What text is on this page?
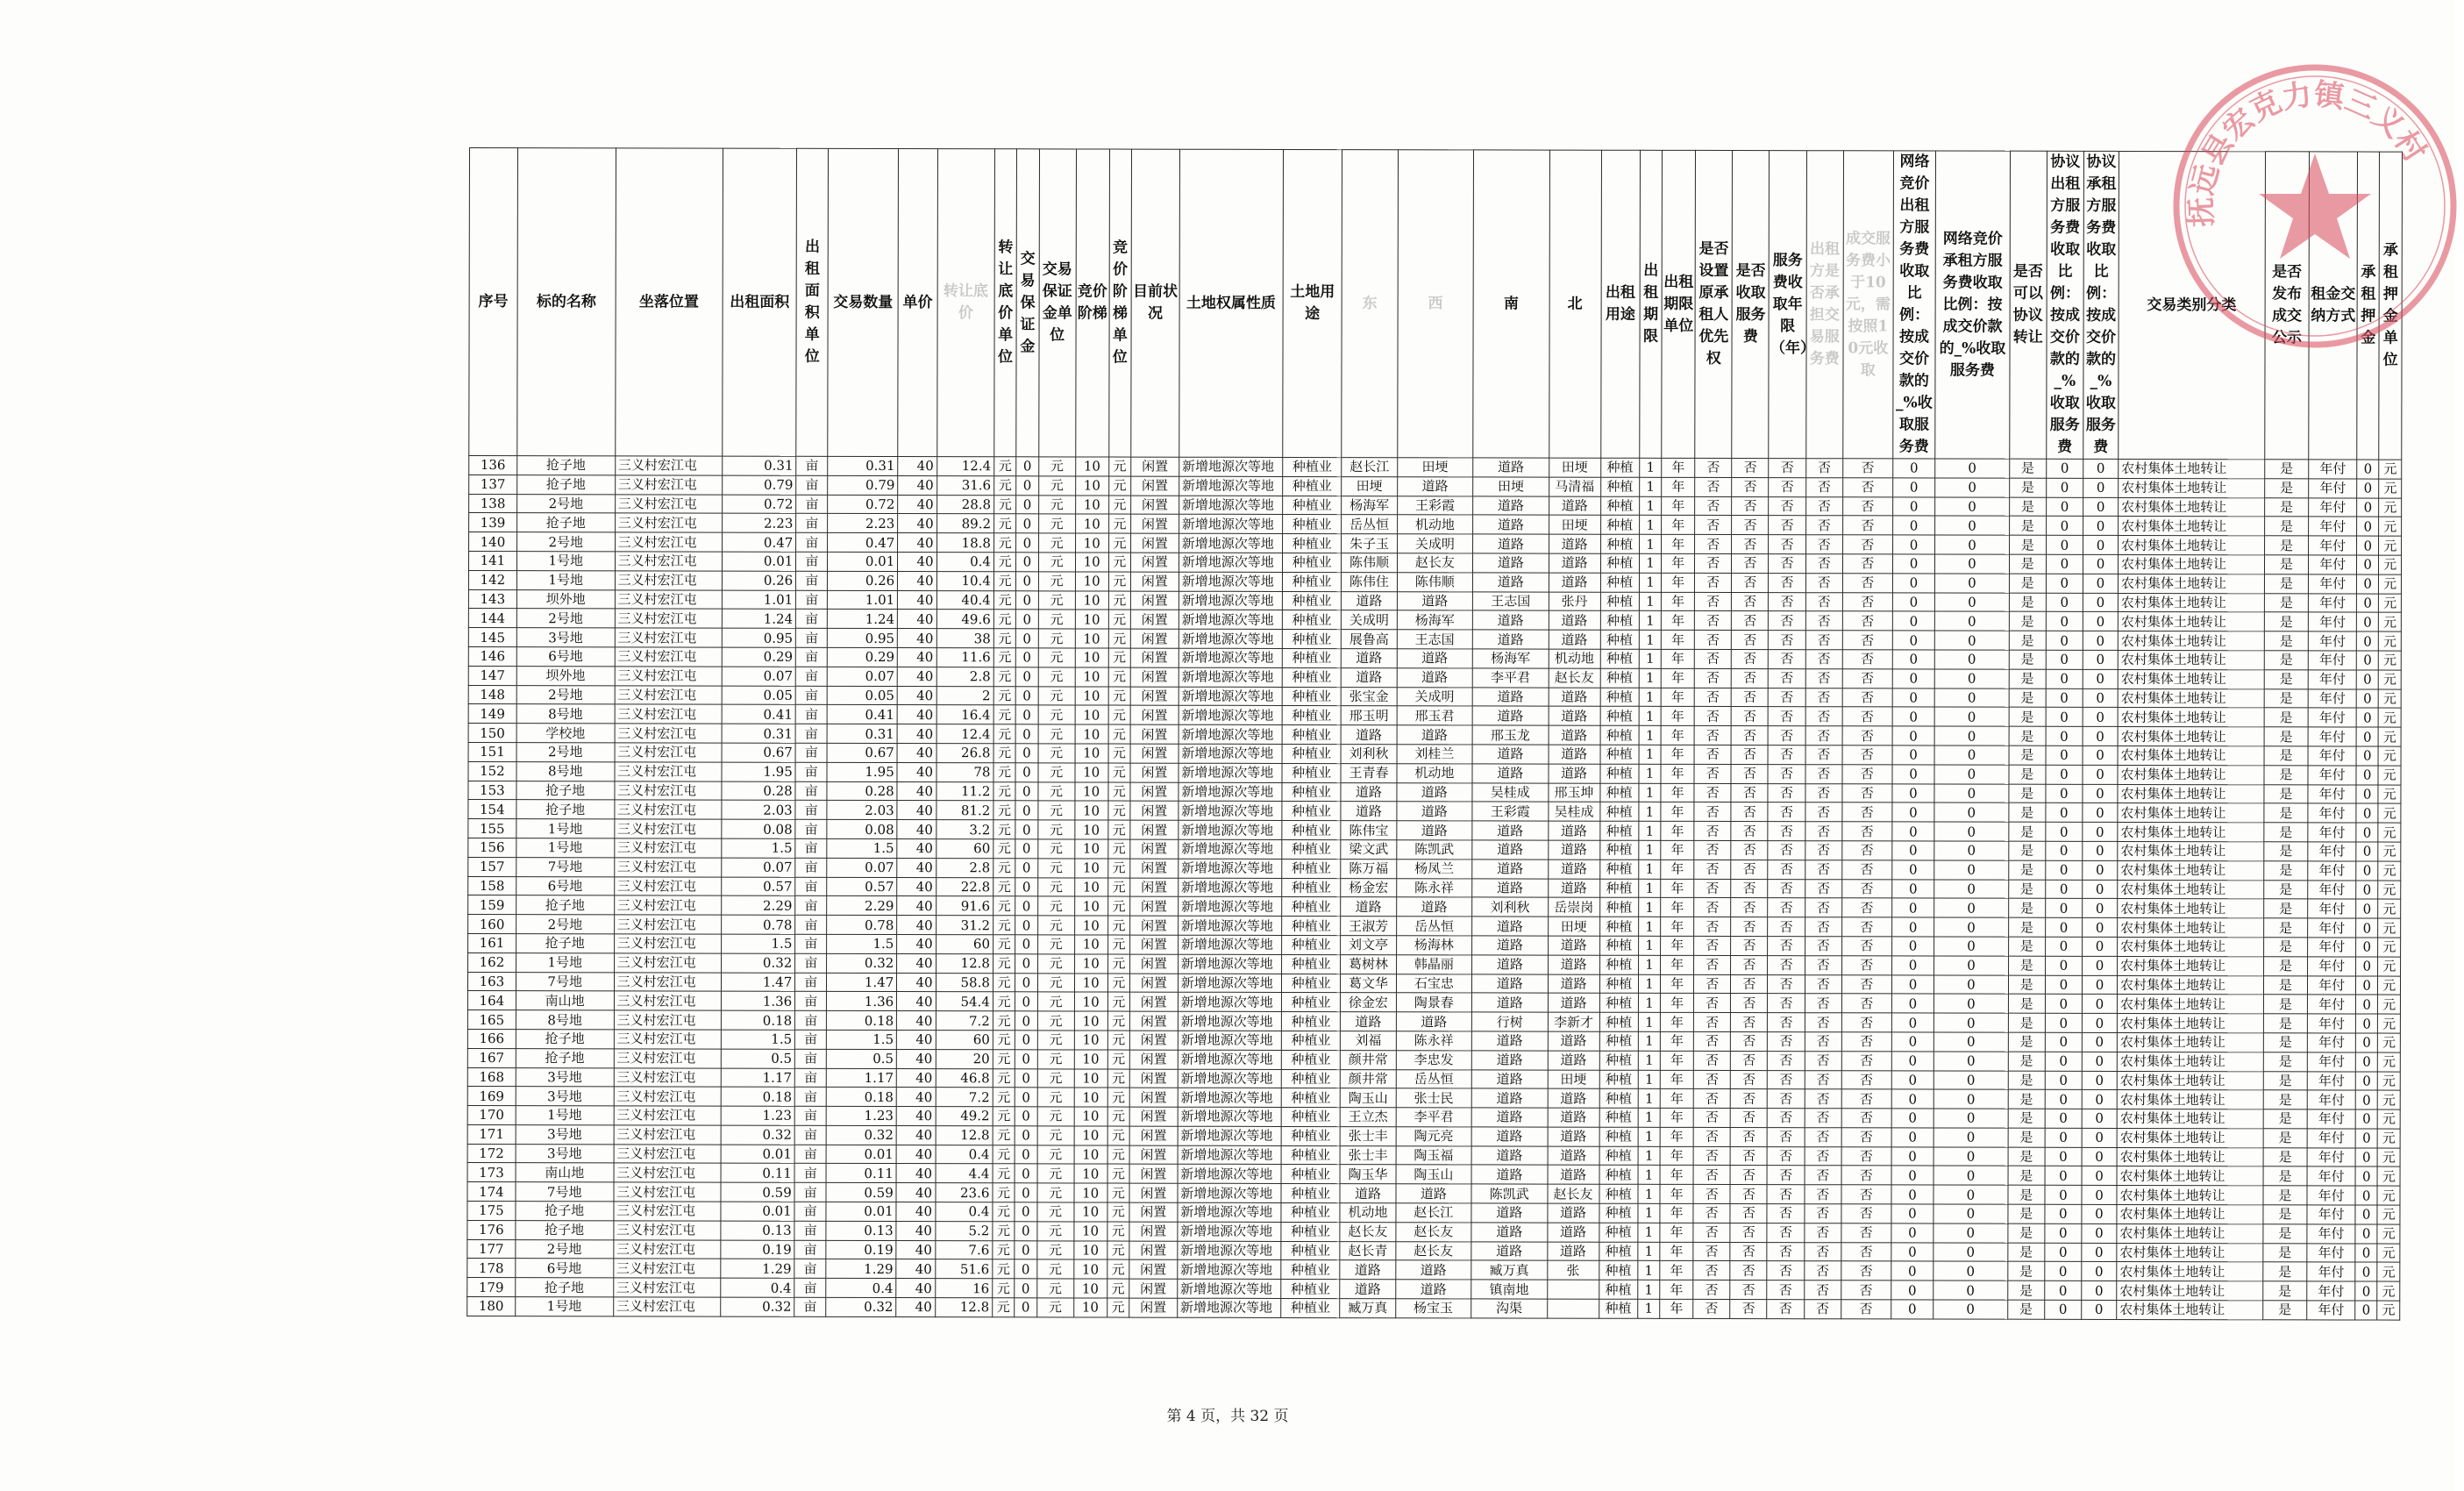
序号	标的名称	坐落位置	出租面积	出租面积单位	交易数量	单价	转让底价	转让底价单位	交易保证金	交易保证金单位	竞价阶梯	竞价阶梯单位	目前状况	土地权属性质	土地用途	东	西	南	北	出租用途	出租期限	出租期限单位	是否设置原承租人优先权	是否收取服务费	服务费收取年限（年）	出租方是否承担交易服务费	成交服务费小于10元，需按照10元收取	网络竞价出租方服务费收取比例：按成交价款的_%收取服务费	网络竞价承租方服务费收取比例：按成交价款的_%收取服务费	是否可以协议转让	协议出租方服务费收取比例：按成交价款的_%收取服务费	协议承租方服务费收取比例：按成交价款的_%收取服务费	交易类别分类	是否发布成交公示	租金交纳方式	承租押金	承租押金单位
136	抢子地	三义村宏江屯	0.31	亩	0.31	40	12.4	元	0	元	10	元	闲置	新增地源次等地	种植业	赵长江	田埂	道路	田埂	种植	1	年	否	否	否	否	否	0	0	是	0	0	农村集体土地转让	是	年付	0	元
137	抢子地	三义村宏江屯	0.79	亩	0.79	40	31.6	元	0	元	10	元	闲置	新增地源次等地	种植业	田埂	道路	田埂	马清福	种植	1	年	否	否	否	否	否	0	0	是	0	0	农村集体土地转让	是	年付	0	元
138	2号地	三义村宏江屯	0.72	亩	0.72	40	28.8	元	0	元	10	元	闲置	新增地源次等地	种植业	杨海军	王彩霞	道路	道路	种植	1	年	否	否	否	否	否	0	0	是	0	0	农村集体土地转让	是	年付	0	元
139	抢子地	三义村宏江屯	2.23	亩	2.23	40	89.2	元	0	元	10	元	闲置	新增地源次等地	种植业	岳丛恒	机动地	道路	田埂	种植	1	年	否	否	否	否	否	0	0	是	0	0	农村集体土地转让	是	年付	0	元
140	2号地	三义村宏江屯	0.47	亩	0.47	40	18.8	元	0	元	10	元	闲置	新增地源次等地	种植业	朱子玉	关成明	道路	道路	种植	1	年	否	否	否	否	否	0	0	是	0	0	农村集体土地转让	是	年付	0	元
141	1号地	三义村宏江屯	0.01	亩	0.01	40	0.4	元	0	元	10	元	闲置	新增地源次等地	种植业	陈伟顺	赵长友	道路	道路	种植	1	年	否	否	否	否	否	0	0	是	0	0	农村集体土地转让	是	年付	0	元
142	1号地	三义村宏江屯	0.26	亩	0.26	40	10.4	元	0	元	10	元	闲置	新增地源次等地	种植业	陈伟住	陈伟顺	道路	道路	种植	1	年	否	否	否	否	否	0	0	是	0	0	农村集体土地转让	是	年付	0	元
143	坝外地	三义村宏江屯	1.01	亩	1.01	40	40.4	元	0	元	10	元	闲置	新增地源次等地	种植业	道路	道路	王志国	张丹	种植	1	年	否	否	否	否	否	0	0	是	0	0	农村集体土地转让	是	年付	0	元
144	2号地	三义村宏江屯	1.24	亩	1.24	40	49.6	元	0	元	10	元	闲置	新增地源次等地	种植业	关成明	杨海军	道路	道路	种植	1	年	否	否	否	否	否	0	0	是	0	0	农村集体土地转让	是	年付	0	元
145	3号地	三义村宏江屯	0.95	亩	0.95	40	38	元	0	元	10	元	闲置	新增地源次等地	种植业	展鲁高	王志国	道路	道路	种植	1	年	否	否	否	否	否	0	0	是	0	0	农村集体土地转让	是	年付	0	元
146	6号地	三义村宏江屯	0.29	亩	0.29	40	11.6	元	0	元	10	元	闲置	新增地源次等地	种植业	道路	道路	杨海军	机动地	种植	1	年	否	否	否	否	否	0	0	是	0	0	农村集体土地转让	是	年付	0	元
147	坝外地	三义村宏江屯	0.07	亩	0.07	40	2.8	元	0	元	10	元	闲置	新增地源次等地	种植业	道路	道路	李平君	赵长友	种植	1	年	否	否	否	否	否	0	0	是	0	0	农村集体土地转让	是	年付	0	元
148	2号地	三义村宏江屯	0.05	亩	0.05	40	2	元	0	元	10	元	闲置	新增地源次等地	种植业	张宝金	关成明	道路	道路	种植	1	年	否	否	否	否	否	0	0	是	0	0	农村集体土地转让	是	年付	0	元
149	8号地	三义村宏江屯	0.41	亩	0.41	40	16.4	元	0	元	10	元	闲置	新增地源次等地	种植业	邢玉明	邢玉君	道路	道路	种植	1	年	否	否	否	否	否	0	0	是	0	0	农村集体土地转让	是	年付	0	元
150	学校地	三义村宏江屯	0.31	亩	0.31	40	12.4	元	0	元	10	元	闲置	新增地源次等地	种植业	道路	道路	邢玉龙	道路	种植	1	年	否	否	否	否	否	0	0	是	0	0	农村集体土地转让	是	年付	0	元
151	2号地	三义村宏江屯	0.67	亩	0.67	40	26.8	元	0	元	10	元	闲置	新增地源次等地	种植业	刘利秋	刘桂兰	道路	道路	种植	1	年	否	否	否	否	否	0	0	是	0	0	农村集体土地转让	是	年付	0	元
152	8号地	三义村宏江屯	1.95	亩	1.95	40	78	元	0	元	10	元	闲置	新增地源次等地	种植业	王青春	机动地	道路	道路	种植	1	年	否	否	否	否	否	0	0	是	0	0	农村集体土地转让	是	年付	0	元
153	抢子地	三义村宏江屯	0.28	亩	0.28	40	11.2	元	0	元	10	元	闲置	新增地源次等地	种植业	道路	道路	吴桂成	邢玉坤	种植	1	年	否	否	否	否	否	0	0	是	0	0	农村集体土地转让	是	年付	0	元
154	抢子地	三义村宏江屯	2.03	亩	2.03	40	81.2	元	0	元	10	元	闲置	新增地源次等地	种植业	道路	道路	王彩霞	吴桂成	种植	1	年	否	否	否	否	否	0	0	是	0	0	农村集体土地转让	是	年付	0	元
155	1号地	三义村宏江屯	0.08	亩	0.08	40	3.2	元	0	元	10	元	闲置	新增地源次等地	种植业	陈伟宝	道路	道路	道路	种植	1	年	否	否	否	否	否	0	0	是	0	0	农村集体土地转让	是	年付	0	元
156	1号地	三义村宏江屯	1.5	亩	1.5	40	60	元	0	元	10	元	闲置	新增地源次等地	种植业	梁文武	陈凯武	道路	道路	种植	1	年	否	否	否	否	否	0	0	是	0	0	农村集体土地转让	是	年付	0	元
157	7号地	三义村宏江屯	0.07	亩	0.07	40	2.8	元	0	元	10	元	闲置	新增地源次等地	种植业	陈万福	杨凤兰	道路	道路	种植	1	年	否	否	否	否	否	0	0	是	0	0	农村集体土地转让	是	年付	0	元
158	6号地	三义村宏江屯	0.57	亩	0.57	40	22.8	元	0	元	10	元	闲置	新增地源次等地	种植业	杨金宏	陈永祥	道路	道路	种植	1	年	否	否	否	否	否	0	0	是	0	0	农村集体土地转让	是	年付	0	元
159	抢子地	三义村宏江屯	2.29	亩	2.29	40	91.6	元	0	元	10	元	闲置	新增地源次等地	种植业	道路	道路	刘利秋	岳崇岗	种植	1	年	否	否	否	否	否	0	0	是	0	0	农村集体土地转让	是	年付	0	元
160	2号地	三义村宏江屯	0.78	亩	0.78	40	31.2	元	0	元	10	元	闲置	新增地源次等地	种植业	王淑芳	岳丛恒	道路	田埂	种植	1	年	否	否	否	否	否	0	0	是	0	0	农村集体土地转让	是	年付	0	元
161	抢子地	三义村宏江屯	1.5	亩	1.5	40	60	元	0	元	10	元	闲置	新增地源次等地	种植业	刘文亭	杨海林	道路	道路	种植	1	年	否	否	否	否	否	0	0	是	0	0	农村集体土地转让	是	年付	0	元
162	1号地	三义村宏江屯	0.32	亩	0.32	40	12.8	元	0	元	10	元	闲置	新增地源次等地	种植业	葛树林	韩晶丽	道路	道路	种植	1	年	否	否	否	否	否	0	0	是	0	0	农村集体土地转让	是	年付	0	元
163	7号地	三义村宏江屯	1.47	亩	1.47	40	58.8	元	0	元	10	元	闲置	新增地源次等地	种植业	葛文华	石宝忠	道路	道路	种植	1	年	否	否	否	否	否	0	0	是	0	0	农村集体土地转让	是	年付	0	元
164	南山地	三义村宏江屯	1.36	亩	1.36	40	54.4	元	0	元	10	元	闲置	新增地源次等地	种植业	徐金宏	陶景春	道路	道路	种植	1	年	否	否	否	否	否	0	0	是	0	0	农村集体土地转让	是	年付	0	元
165	8号地	三义村宏江屯	0.18	亩	0.18	40	7.2	元	0	元	10	元	闲置	新增地源次等地	种植业	道路	道路	行树	李新才	种植	1	年	否	否	否	否	否	0	0	是	0	0	农村集体土地转让	是	年付	0	元
166	抢子地	三义村宏江屯	1.5	亩	1.5	40	60	元	0	元	10	元	闲置	新增地源次等地	种植业	刘福	陈永祥	道路	道路	种植	1	年	否	否	否	否	否	0	0	是	0	0	农村集体土地转让	是	年付	0	元
167	抢子地	三义村宏江屯	0.5	亩	0.5	40	20	元	0	元	10	元	闲置	新增地源次等地	种植业	颜井常	李忠发	道路	道路	种植	1	年	否	否	否	否	否	0	0	是	0	0	农村集体土地转让	是	年付	0	元
168	3号地	三义村宏江屯	1.17	亩	1.17	40	46.8	元	0	元	10	元	闲置	新增地源次等地	种植业	颜井常	岳丛恒	道路	田埂	种植	1	年	否	否	否	否	否	0	0	是	0	0	农村集体土地转让	是	年付	0	元
169	3号地	三义村宏江屯	0.18	亩	0.18	40	7.2	元	0	元	10	元	闲置	新增地源次等地	种植业	陶玉山	张士民	道路	道路	种植	1	年	否	否	否	否	否	0	0	是	0	0	农村集体土地转让	是	年付	0	元
170	1号地	三义村宏江屯	1.23	亩	1.23	40	49.2	元	0	元	10	元	闲置	新增地源次等地	种植业	王立杰	李平君	道路	道路	种植	1	年	否	否	否	否	否	0	0	是	0	0	农村集体土地转让	是	年付	0	元
171	3号地	三义村宏江屯	0.32	亩	0.32	40	12.8	元	0	元	10	元	闲置	新增地源次等地	种植业	张士丰	陶元亮	道路	道路	种植	1	年	否	否	否	否	否	0	0	是	0	0	农村集体土地转让	是	年付	0	元
172	3号地	三义村宏江屯	0.01	亩	0.01	40	0.4	元	0	元	10	元	闲置	新增地源次等地	种植业	张士丰	陶玉福	道路	道路	种植	1	年	否	否	否	否	否	0	0	是	0	0	农村集体土地转让	是	年付	0	元
173	南山地	三义村宏江屯	0.11	亩	0.11	40	4.4	元	0	元	10	元	闲置	新增地源次等地	种植业	陶玉华	陶玉山	道路	道路	种植	1	年	否	否	否	否	否	0	0	是	0	0	农村集体土地转让	是	年付	0	元
174	7号地	三义村宏江屯	0.59	亩	0.59	40	23.6	元	0	元	10	元	闲置	新增地源次等地	种植业	道路	道路	陈凯武	赵长友	种植	1	年	否	否	否	否	否	0	0	是	0	0	农村集体土地转让	是	年付	0	元
175	抢子地	三义村宏江屯	0.01	亩	0.01	40	0.4	元	0	元	10	元	闲置	新增地源次等地	种植业	机动地	赵长江	道路	道路	种植	1	年	否	否	否	否	否	0	0	是	0	0	农村集体土地转让	是	年付	0	元
176	抢子地	三义村宏江屯	0.13	亩	0.13	40	5.2	元	0	元	10	元	闲置	新增地源次等地	种植业	赵长友	赵长友	道路	道路	种植	1	年	否	否	否	否	否	0	0	是	0	0	农村集体土地转让	是	年付	0	元
177	2号地	三义村宏江屯	0.19	亩	0.19	40	7.6	元	0	元	10	元	闲置	新增地源次等地	种植业	赵长青	赵长友	道路	道路	种植	1	年	否	否	否	否	否	0	0	是	0	0	农村集体土地转让	是	年付	0	元
178	6号地	三义村宏江屯	1.29	亩	1.29	40	51.6	元	0	元	10	元	闲置	新增地源次等地	种植业	道路	道路	臧万真	张	种植	1	年	否	否	否	否	否	0	0	是	0	0	农村集体土地转让	是	年付	0	元
179	抢子地	三义村宏江屯	0.4	亩	0.4	40	16	元	0	元	10	元	闲置	新增地源次等地	种植业	道路	道路	镇南地		种植	1	年	否	否	否	否	否	0	0	是	0	0	农村集体土地转让	是	年付	0	元
180	1号地	三义村宏江屯	0.32	亩	0.32	40	12.8	元	0	元	10	元	闲置	新增地源次等地	种植业	臧万真	杨宝玉	沟渠		种植	1	年	否	否	否	否	否	0	0	是	0	0	农村集体土地转让	是	年付	0	元
抚远县宏克力镇三义村
第 4 页，共 32 页
